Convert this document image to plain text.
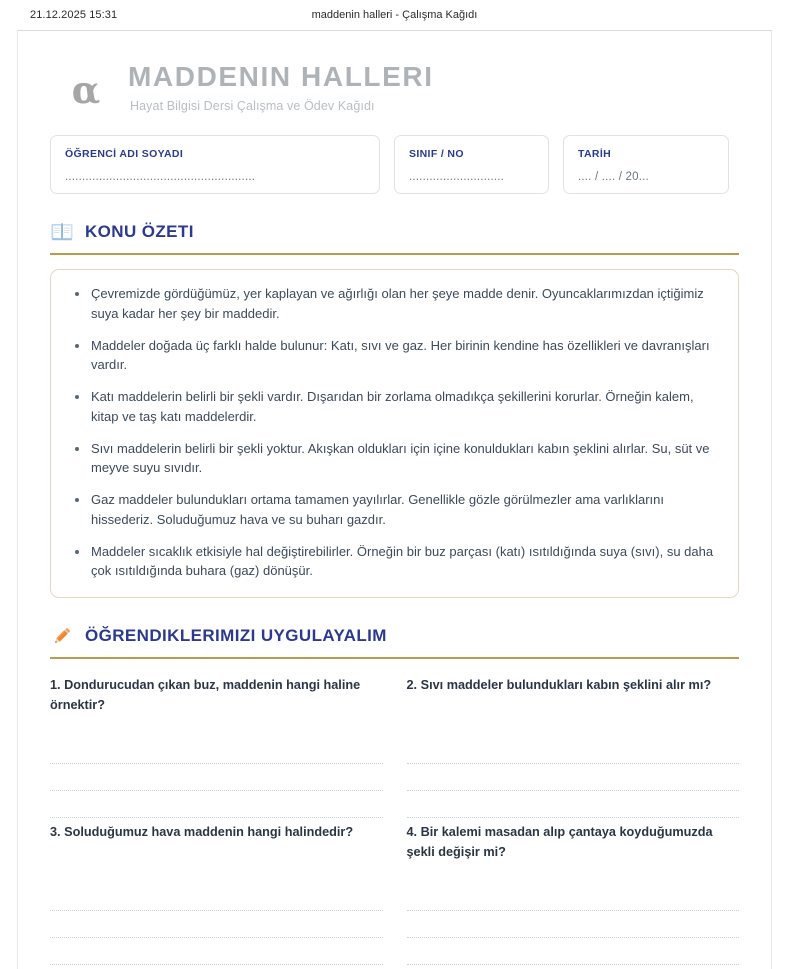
21.12.2025 15:31	maddenin halleri - Çalışma Kağıdı
α MADDENIN HALLERI
Hayat Bilgisi Dersi Çalışma ve Ödev Kağıdı
ÖĞRENCİ ADI SOYADI
........................................................
SINIF / NO
............................
TARİH
.... / .... / 20...
KONU ÖZETI
Çevremizde gördüğümüz, yer kaplayan ve ağırlığı olan her şeye madde denir. Oyuncaklarımızdan içtiğimiz suya kadar her şey bir maddedir.
Maddeler doğada üç farklı halde bulunur: Katı, sıvı ve gaz. Her birinin kendine has özellikleri ve davranışları vardır.
Katı maddelerin belirli bir şekli vardır. Dışarıdan bir zorlama olmadıkça şekillerini korurlar. Örneğin kalem, kitap ve taş katı maddelerdir.
Sıvı maddelerin belirli bir şekli yoktur. Akışkan oldukları için içine konuldukları kabın şeklini alırlar. Su, süt ve meyve suyu sıvıdır.
Gaz maddeler bulundukları ortama tamamen yayılırlar. Genellikle gözle görülmezler ama varlıklarını hissederiz. Soluduğumuz hava ve su buharı gazdır.
Maddeler sıcaklık etkisiyle hal değiştirebilirler. Örneğin bir buz parçası (katı) ısıtıldığında suya (sıvı), su daha çok ısıtıldığında buhara (gaz) dönüşür.
ÖĞRENDIKLERIMIZI UYGULAYALIM
1. Dondurucudan çıkan buz, maddenin hangi haline örnektir?
2. Sıvı maddeler bulundukları kabın şeklini alır mı?
3. Soluduğumuz hava maddenin hangi halindedir?	4. Bir kalemi masadan alıp çantaya koyduğumuzda şekli değişir mi?
